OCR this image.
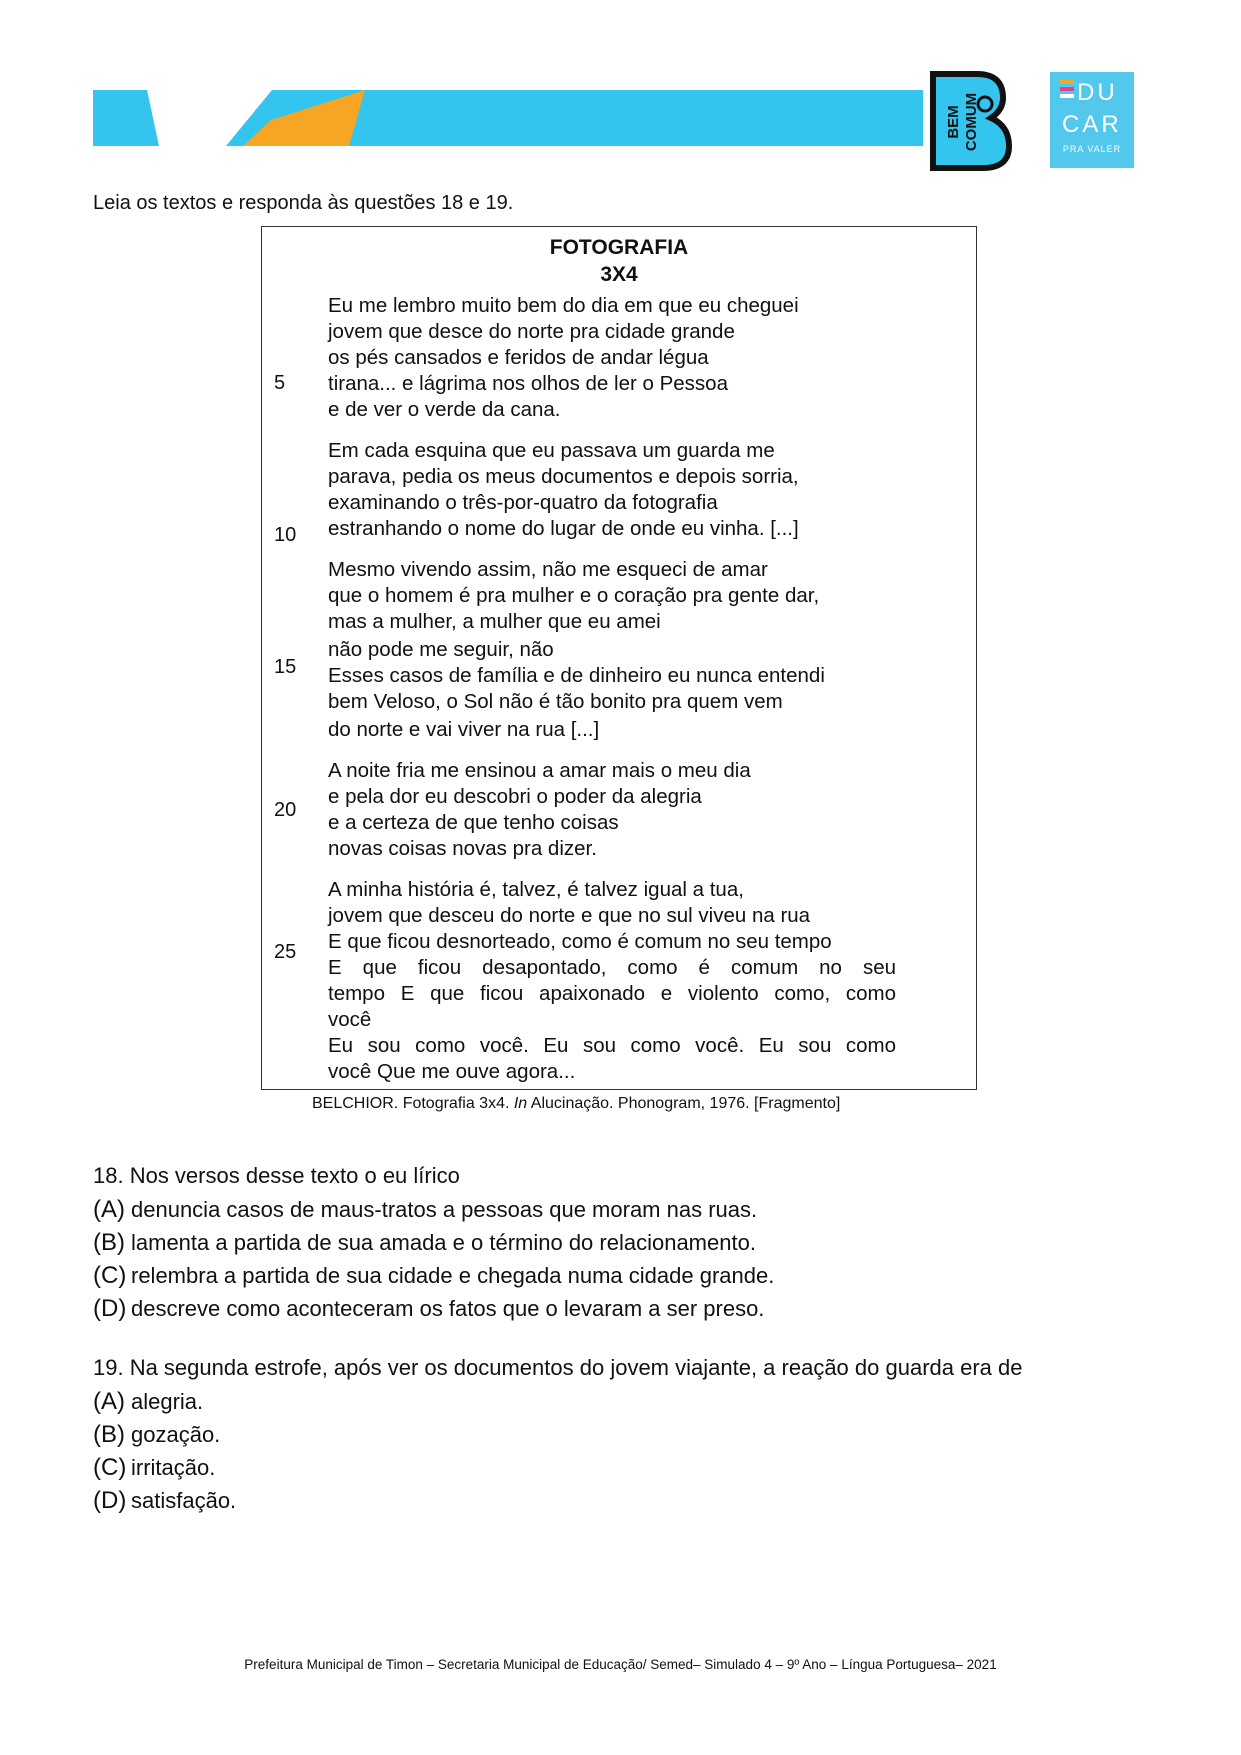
BEM COMUM
DU
CAR
PRA VALER
Leia os textos e responda às questões 18 e 19.
FOTOGRAFIA
3X4
5
10
15
20
25
Eu me lembro muito bem do dia em que eu cheguei
jovem que desce do norte pra cidade grande
os pés cansados e feridos de andar légua
tirana... e lágrima nos olhos de ler o Pessoa
e de ver o verde da cana.
Em cada esquina que eu passava um guarda me
parava, pedia os meus documentos e depois sorria,
examinando o três-por-quatro da fotografia
estranhando o nome do lugar de onde eu vinha. [...]
Mesmo vivendo assim, não me esqueci de amar
que o homem é pra mulher e o coração pra gente dar,
mas a mulher, a mulher que eu amei
não pode me seguir, não
Esses casos de família e de dinheiro eu nunca entendi
bem Veloso, o Sol não é tão bonito pra quem vem
do norte e vai viver na rua [...]
A noite fria me ensinou a amar mais o meu dia
e pela dor eu descobri o poder da alegria
e a certeza de que tenho coisas
novas coisas novas pra dizer.
A minha história é, talvez, é talvez igual a tua,
jovem que desceu do norte e que no sul viveu na rua
E que ficou desnorteado, como é comum no seu tempo
E que ficou desapontado, como é comum no seu
tempo E que ficou apaixonado e violento como, como
você
Eu sou como você. Eu sou como você. Eu sou como
você Que me ouve agora...
BELCHIOR. Fotografia 3x4. In Alucinação. Phonogram, 1976. [Fragmento]
18. Nos versos desse texto o eu lírico
(A) denuncia casos de maus-tratos a pessoas que moram nas ruas.
(B) lamenta a partida de sua amada e o término do relacionamento.
(C) relembra a partida de sua cidade e chegada numa cidade grande.
(D) descreve como aconteceram os fatos que o levaram a ser preso.
19. Na segunda estrofe, após ver os documentos do jovem viajante, a reação do guarda era de
(A) alegria.
(B) gozação.
(C) irritação.
(D) satisfação.
Prefeitura Municipal de Timon – Secretaria Municipal de Educação/ Semed– Simulado 4 – 9º Ano – Língua Portuguesa– 2021
